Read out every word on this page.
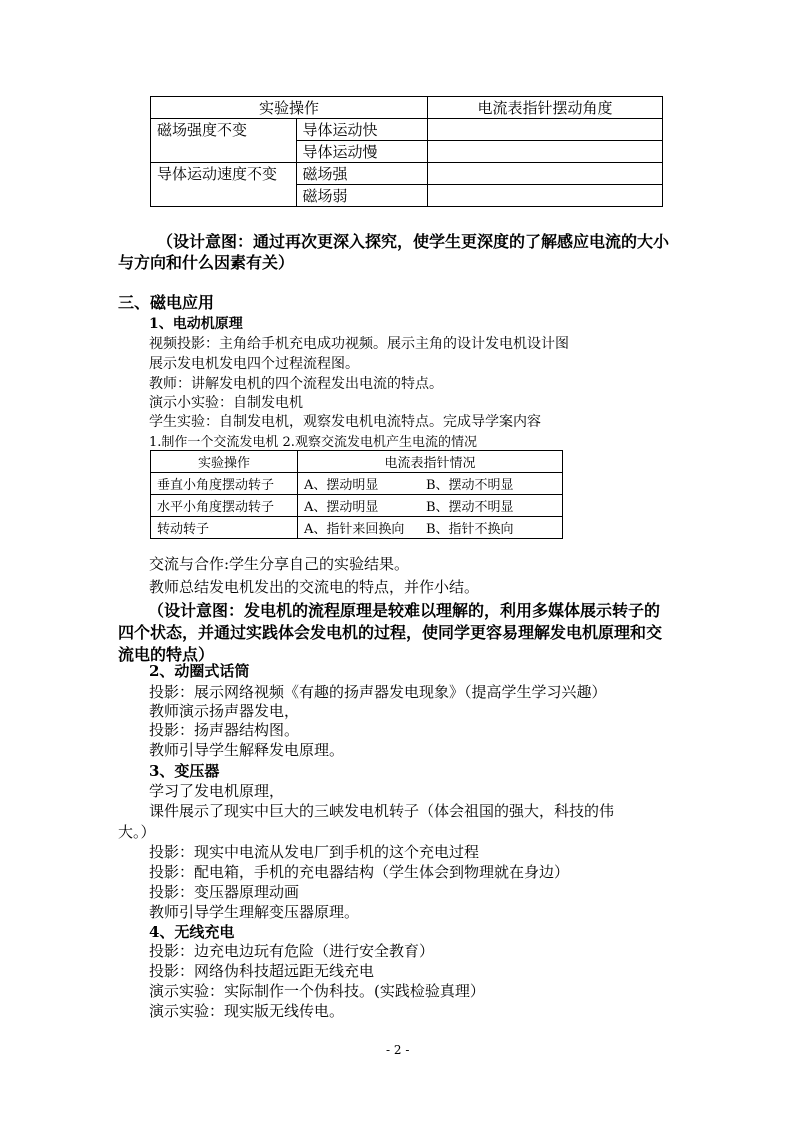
实验操作		电流表指针摆动角度
磁场强度不变	导体运动快	
	导体运动慢	
导体运动速度不变	磁场强	
	磁场弱	
（设计意图：通过再次更深入探究，使学生更深度的了解感应电流的大小
与方向和什么因素有关）
三、磁电应用
1、电动机原理
视频投影：主角给手机充电成功视频。展示主角的设计发电机设计图
展示发电机发电四个过程流程图。
教师：讲解发电机的四个流程发出电流的特点。
演示小实验：自制发电机
学生实验：自制发电机，观察发电机电流特点。完成导学案内容
1.制作一个交流发电机 2.观察交流发电机产生电流的情况
实验操作	电流表指针情况	
垂直小角度摆动转子	A、摆动明显	B、摆动不明显
水平小角度摆动转子	A、摆动明显	B、摆动不明显
转动转子	A、指针来回换向	B、指针不换向
交流与合作:学生分享自己的实验结果。
教师总结发电机发出的交流电的特点，并作小结。
（设计意图：发电机的流程原理是较难以理解的，利用多媒体展示转子的
四个状态，并通过实践体会发电机的过程，使同学更容易理解发电机原理和交
流电的特点）
2、动圈式话筒
投影：展示网络视频《有趣的扬声器发电现象》（提高学生学习兴趣）
教师演示扬声器发电，
投影：扬声器结构图。
教师引导学生解释发电原理。
3、变压器
学习了发电机原理，
课件展示了现实中巨大的三峡发电机转子（体会祖国的强大，科技的伟
大。）
投影：现实中电流从发电厂到手机的这个充电过程
投影：配电箱，手机的充电器结构（学生体会到物理就在身边）
投影：变压器原理动画
教师引导学生理解变压器原理。
4、无线充电
投影：边充电边玩有危险（进行安全教育）
投影：网络伪科技超远距无线充电
演示实验：实际制作一个伪科技。(实践检验真理）
演示实验：现实版无线传电。
- 2 -
